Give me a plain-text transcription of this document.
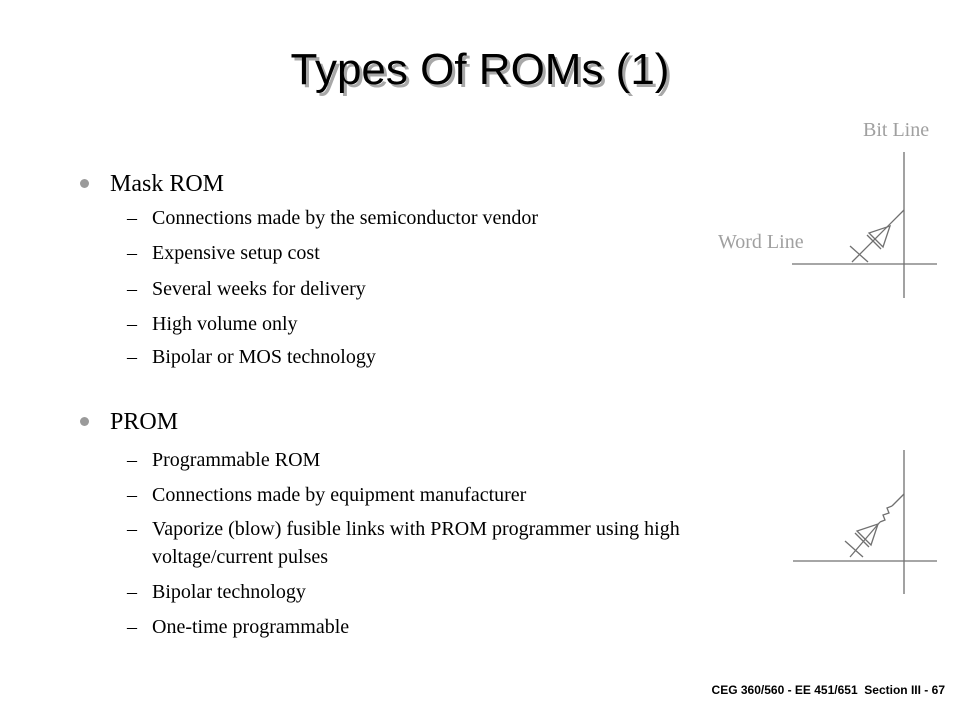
Types Of ROMs (1)
Mask ROM
– Connections made by the semiconductor vendor
– Expensive setup cost
– Several weeks for delivery
– High volume only
– Bipolar or MOS technology
PROM
– Programmable ROM
– Connections made by equipment manufacturer
– Vaporize (blow) fusible links with PROM programmer using high
voltage/current pulses
– Bipolar technology
– One-time programmable
Bit Line
Word Line
CEG 360/560 - EE 451/651  Section III - 67
